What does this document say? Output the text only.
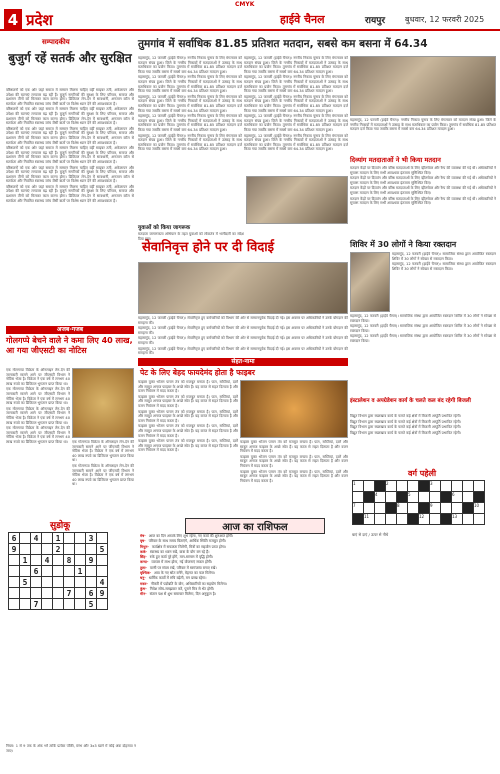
CMYK
4 प्रदेश	हाईवे चैनल	रायपुर बुधवार, 12 फरवरी 2025
सम्पादकीय
बुजुर्ग रहें सतर्क और सुरक्षित

वरिष्ठजनों को एक ओर जहां समाज में सम्मान मिलना चाहिए वहीं साइबर ठगी, अकेलापन और उपेक्षा की घटनाएं लगातार बढ़ रही हैं। बुजुर्ग नागरिकों की सुरक्षा के लिए परिवार, समाज और प्रशासन तीनों को मिलकर काम करना होगा। डिजिटल लेन-देन में सावधानी, अनजान कॉल से सतर्कता और नियमित स्वास्थ्य जांच जैसी बातों पर विशेष ध्यान देने की आवश्यकता है।

वरिष्ठजनों को एक ओर जहां समाज में सम्मान मिलना चाहिए वहीं साइबर ठगी, अकेलापन और उपेक्षा की घटनाएं लगातार बढ़ रही हैं। बुजुर्ग नागरिकों की सुरक्षा के लिए परिवार, समाज और प्रशासन तीनों को मिलकर काम करना होगा। डिजिटल लेन-देन में सावधानी, अनजान कॉल से सतर्कता और नियमित स्वास्थ्य जांच जैसी बातों पर विशेष ध्यान देने की आवश्यकता है।

वरिष्ठजनों को एक ओर जहां समाज में सम्मान मिलना चाहिए वहीं साइबर ठगी, अकेलापन और उपेक्षा की घटनाएं लगातार बढ़ रही हैं। बुजुर्ग नागरिकों की सुरक्षा के लिए परिवार, समाज और प्रशासन तीनों को मिलकर काम करना होगा। डिजिटल लेन-देन में सावधानी, अनजान कॉल से सतर्कता और नियमित स्वास्थ्य जांच जैसी बातों पर विशेष ध्यान देने की आवश्यकता है।

वरिष्ठजनों को एक ओर जहां समाज में सम्मान मिलना चाहिए वहीं साइबर ठगी, अकेलापन और उपेक्षा की घटनाएं लगातार बढ़ रही हैं। बुजुर्ग नागरिकों की सुरक्षा के लिए परिवार, समाज और प्रशासन तीनों को मिलकर काम करना होगा। डिजिटल लेन-देन में सावधानी, अनजान कॉल से सतर्कता और नियमित स्वास्थ्य जांच जैसी बातों पर विशेष ध्यान देने की आवश्यकता है।

वरिष्ठजनों को एक ओर जहां समाज में सम्मान मिलना चाहिए वहीं साइबर ठगी, अकेलापन और उपेक्षा की घटनाएं लगातार बढ़ रही हैं। बुजुर्ग नागरिकों की सुरक्षा के लिए परिवार, समाज और प्रशासन तीनों को मिलकर काम करना होगा। डिजिटल लेन-देन में सावधानी, अनजान कॉल से सतर्कता और नियमित स्वास्थ्य जांच जैसी बातों पर विशेष ध्यान देने की आवश्यकता है।

वरिष्ठजनों को एक ओर जहां समाज में सम्मान मिलना चाहिए वहीं साइबर ठगी, अकेलापन और उपेक्षा की घटनाएं लगातार बढ़ रही हैं। बुजुर्ग नागरिकों की सुरक्षा के लिए परिवार, समाज और प्रशासन तीनों को मिलकर काम करना होगा। डिजिटल लेन-देन में सावधानी, अनजान कॉल से सतर्कता और नियमित स्वास्थ्य जांच जैसी बातों पर विशेष ध्यान देने की आवश्यकता है।

तुमगांव में सर्वाधिक 81.85 प्रतिशत मतदान, सबसे कम बसना में 64.34

महासमुंद, 12 फरवरी (हाईवे चैनल)। नगरीय निकाय चुनाव के लिए मंगलवार को मतदान संपन्न हुआ। जिले के नगरीय निकायों में मतदाताओं ने उत्साह के साथ मताधिकार का प्रयोग किया। तुमगांव में सर्वाधिक 81.85 प्रतिशत मतदान दर्ज किया गया जबकि बसना में सबसे कम 64.34 प्रतिशत मतदान हुआ।

महासमुंद, 12 फरवरी (हाईवे चैनल)। नगरीय निकाय चुनाव के लिए मंगलवार को मतदान संपन्न हुआ। जिले के नगरीय निकायों में मतदाताओं ने उत्साह के साथ मताधिकार का प्रयोग किया। तुमगांव में सर्वाधिक 81.85 प्रतिशत मतदान दर्ज किया गया जबकि बसना में सबसे कम 64.34 प्रतिशत मतदान हुआ।

महासमुंद, 12 फरवरी (हाईवे चैनल)। नगरीय निकाय चुनाव के लिए मंगलवार को मतदान संपन्न हुआ। जिले के नगरीय निकायों में मतदाताओं ने उत्साह के साथ मताधिकार का प्रयोग किया। तुमगांव में सर्वाधिक 81.85 प्रतिशत मतदान दर्ज किया गया जबकि बसना में सबसे कम 64.34 प्रतिशत मतदान हुआ।

महासमुंद, 12 फरवरी (हाईवे चैनल)। नगरीय निकाय चुनाव के लिए मंगलवार को मतदान संपन्न हुआ। जिले के नगरीय निकायों में मतदाताओं ने उत्साह के साथ मताधिकार का प्रयोग किया। तुमगांव में सर्वाधिक 81.85 प्रतिशत मतदान दर्ज किया गया जबकि बसना में सबसे कम 64.34 प्रतिशत मतदान हुआ।

महासमुंद, 12 फरवरी (हाईवे चैनल)। नगरीय निकाय चुनाव के लिए मंगलवार को मतदान संपन्न हुआ। जिले के नगरीय निकायों में मतदाताओं ने उत्साह के साथ मताधिकार का प्रयोग किया। तुमगांव में सर्वाधिक 81.85 प्रतिशत मतदान दर्ज किया गया जबकि बसना में सबसे कम 64.34 प्रतिशत मतदान हुआ।

महासमुंद, 12 फरवरी (हाईवे चैनल)। नगरीय निकाय चुनाव के लिए मंगलवार को मतदान संपन्न हुआ। जिले के नगरीय निकायों में मतदाताओं ने उत्साह के साथ मताधिकार का प्रयोग किया। तुमगांव में सर्वाधिक 81.85 प्रतिशत मतदान दर्ज किया गया जबकि बसना में सबसे कम 64.34 प्रतिशत मतदान हुआ।

महासमुंद, 12 फरवरी (हाईवे चैनल)। नगरीय निकाय चुनाव के लिए मंगलवार को मतदान संपन्न हुआ। जिले के नगरीय निकायों में मतदाताओं ने उत्साह के साथ मताधिकार का प्रयोग किया। तुमगांव में सर्वाधिक 81.85 प्रतिशत मतदान दर्ज किया गया जबकि बसना में सबसे कम 64.34 प्रतिशत मतदान हुआ।

महासमुंद, 12 फरवरी (हाईवे चैनल)। नगरीय निकाय चुनाव के लिए मंगलवार को मतदान संपन्न हुआ। जिले के नगरीय निकायों में मतदाताओं ने उत्साह के साथ मताधिकार का प्रयोग किया। तुमगांव में सर्वाधिक 81.85 प्रतिशत मतदान दर्ज किया गया जबकि बसना में सबसे कम 64.34 प्रतिशत मतदान हुआ।

महासमुंद, 12 फरवरी (हाईवे चैनल)। नगरीय निकाय चुनाव के लिए मंगलवार को मतदान संपन्न हुआ। जिले के नगरीय निकायों में मतदाताओं ने उत्साह के साथ मताधिकार का प्रयोग किया। तुमगांव में सर्वाधिक 81.85 प्रतिशत मतदान दर्ज किया गया जबकि बसना में सबसे कम 64.34 प्रतिशत मतदान हुआ।

महासमुंद, 12 फरवरी (हाईवे चैनल)। नगरीय निकाय चुनाव के लिए मंगलवार को मतदान संपन्न हुआ। जिले के नगरीय निकायों में मतदाताओं ने उत्साह के साथ मताधिकार का प्रयोग किया। तुमगांव में सर्वाधिक 81.85 प्रतिशत मतदान दर्ज किया गया जबकि बसना में सबसे कम 64.34 प्रतिशत मतदान हुआ।

महासमुंद, 12 फरवरी (हाईवे चैनल)। नगरीय निकाय चुनाव के लिए मंगलवार को मतदान संपन्न हुआ। जिले के नगरीय निकायों में मतदाताओं ने उत्साह के साथ मताधिकार का प्रयोग किया। तुमगांव में सर्वाधिक 81.85 प्रतिशत मतदान दर्ज किया गया जबकि बसना में सबसे कम 64.34 प्रतिशत मतदान हुआ।

दिव्यांग मतदाताओं ने भी किया मतदान

मतदान केंद्रों पर दिव्यांग और वरिष्ठ मतदाताओं के लिए व्हीलचेयर और रैम्प की व्यवस्था की गई थी। अधिकारियों ने सुचारू मतदान के लिए सभी आवश्यक इंतजाम सुनिश्चित किए।

मतदान केंद्रों पर दिव्यांग और वरिष्ठ मतदाताओं के लिए व्हीलचेयर और रैम्प की व्यवस्था की गई थी। अधिकारियों ने सुचारू मतदान के लिए सभी आवश्यक इंतजाम सुनिश्चित किए।

मतदान केंद्रों पर दिव्यांग और वरिष्ठ मतदाताओं के लिए व्हीलचेयर और रैम्प की व्यवस्था की गई थी। अधिकारियों ने सुचारू मतदान के लिए सभी आवश्यक इंतजाम सुनिश्चित किए।

मतदान केंद्रों पर दिव्यांग और वरिष्ठ मतदाताओं के लिए व्हीलचेयर और रैम्प की व्यवस्था की गई थी। अधिकारियों ने सुचारू मतदान के लिए सभी आवश्यक इंतजाम सुनिश्चित किए।

सेवानिवृत्त होने पर दी विदाई

महासमुंद, 12 फरवरी (हाईवे चैनल)। सेवानिवृत्त हुए कर्मचारियों को विभाग की ओर से सम्मानपूर्वक विदाई दी गई। इस अवसर पर अधिकारियों ने उनके योगदान की सराहना की।

महासमुंद, 12 फरवरी (हाईवे चैनल)। सेवानिवृत्त हुए कर्मचारियों को विभाग की ओर से सम्मानपूर्वक विदाई दी गई। इस अवसर पर अधिकारियों ने उनके योगदान की सराहना की।

महासमुंद, 12 फरवरी (हाईवे चैनल)। सेवानिवृत्त हुए कर्मचारियों को विभाग की ओर से सम्मानपूर्वक विदाई दी गई। इस अवसर पर अधिकारियों ने उनके योगदान की सराहना की।

महासमुंद, 12 फरवरी (हाईवे चैनल)। सेवानिवृत्त हुए कर्मचारियों को विभाग की ओर से सम्मानपूर्वक विदाई दी गई। इस अवसर पर अधिकारियों ने उनके योगदान की सराहना की।

युवाओं को किया जागरूक
मतदाता जागरूकता अभियान के तहत युवाओं को लोकतंत्र में भागीदारी का संदेश दिया गया।
शिविर में 30 लोगों ने किया रक्तदान

महासमुंद, 12 फरवरी (हाईवे चैनल)। सामाजिक संस्था द्वारा आयोजित रक्तदान शिविर में 30 लोगों ने स्वेच्छा से रक्तदान किया।

महासमुंद, 12 फरवरी (हाईवे चैनल)। सामाजिक संस्था द्वारा आयोजित रक्तदान शिविर में 30 लोगों ने स्वेच्छा से रक्तदान किया।

महासमुंद, 12 फरवरी (हाईवे चैनल)। सामाजिक संस्था द्वारा आयोजित रक्तदान शिविर में 30 लोगों ने स्वेच्छा से रक्तदान किया।

महासमुंद, 12 फरवरी (हाईवे चैनल)। सामाजिक संस्था द्वारा आयोजित रक्तदान शिविर में 30 लोगों ने स्वेच्छा से रक्तदान किया।

महासमुंद, 12 फरवरी (हाईवे चैनल)। सामाजिक संस्था द्वारा आयोजित रक्तदान शिविर में 30 लोगों ने स्वेच्छा से रक्तदान किया।

इंस्टालेशन व अपग्रेडेशन कार्य के चलते कल बंद रहेगी बिजली

विद्युत विभाग द्वारा रखरखाव कार्य के चलते कई क्षेत्रों में बिजली आपूर्ति प्रभावित रहेगी।

विद्युत विभाग द्वारा रखरखाव कार्य के चलते कई क्षेत्रों में बिजली आपूर्ति प्रभावित रहेगी।

विद्युत विभाग द्वारा रखरखाव कार्य के चलते कई क्षेत्रों में बिजली आपूर्ति प्रभावित रहेगी।

विद्युत विभाग द्वारा रखरखाव कार्य के चलते कई क्षेत्रों में बिजली आपूर्ति प्रभावित रहेगी।

अजब-गजब
गोलगप्पे बेचने वाले ने कमा लिए 40 लाख, आ गया जीएसटी का नोटिस

एक गोलगप्पा विक्रेता के ऑनलाइन लेन-देन की जानकारी सामने आने पर जीएसटी विभाग ने नोटिस भेजा है। विक्रेता ने एक वर्ष में लगभग 40 लाख रुपये का डिजिटल भुगतान प्राप्त किया था।

एक गोलगप्पा विक्रेता के ऑनलाइन लेन-देन की जानकारी सामने आने पर जीएसटी विभाग ने नोटिस भेजा है। विक्रेता ने एक वर्ष में लगभग 40 लाख रुपये का डिजिटल भुगतान प्राप्त किया था।

एक गोलगप्पा विक्रेता के ऑनलाइन लेन-देन की जानकारी सामने आने पर जीएसटी विभाग ने नोटिस भेजा है। विक्रेता ने एक वर्ष में लगभग 40 लाख रुपये का डिजिटल भुगतान प्राप्त किया था।

एक गोलगप्पा विक्रेता के ऑनलाइन लेन-देन की जानकारी सामने आने पर जीएसटी विभाग ने नोटिस भेजा है। विक्रेता ने एक वर्ष में लगभग 40 लाख रुपये का डिजिटल भुगतान प्राप्त किया था।	एक गोलगप्पा विक्रेता के ऑनलाइन लेन-देन की जानकारी सामने आने पर जीएसटी विभाग ने नोटिस भेजा है। विक्रेता ने एक वर्ष में लगभग 40 लाख रुपये का डिजिटल भुगतान प्राप्त किया था।

एक गोलगप्पा विक्रेता के ऑनलाइन लेन-देन की जानकारी सामने आने पर जीएसटी विभाग ने नोटिस भेजा है। विक्रेता ने एक वर्ष में लगभग 40 लाख रुपये का डिजिटल भुगतान प्राप्त किया था।

सेहत-नामा
पेट के लिए बेहद फायदेमंद होता है फाइबर

फाइबर युक्त भोजन पाचन तंत्र को मजबूत बनाता है। फल, सब्जियां, दालें और साबुत अनाज फाइबर के अच्छे स्रोत हैं। यह कब्ज से राहत दिलाता है और वजन नियंत्रण में मदद करता है।

फाइबर युक्त भोजन पाचन तंत्र को मजबूत बनाता है। फल, सब्जियां, दालें और साबुत अनाज फाइबर के अच्छे स्रोत हैं। यह कब्ज से राहत दिलाता है और वजन नियंत्रण में मदद करता है।

फाइबर युक्त भोजन पाचन तंत्र को मजबूत बनाता है। फल, सब्जियां, दालें और साबुत अनाज फाइबर के अच्छे स्रोत हैं। यह कब्ज से राहत दिलाता है और वजन नियंत्रण में मदद करता है।

फाइबर युक्त भोजन पाचन तंत्र को मजबूत बनाता है। फल, सब्जियां, दालें और साबुत अनाज फाइबर के अच्छे स्रोत हैं। यह कब्ज से राहत दिलाता है और वजन नियंत्रण में मदद करता है।

फाइबर युक्त भोजन पाचन तंत्र को मजबूत बनाता है। फल, सब्जियां, दालें और साबुत अनाज फाइबर के अच्छे स्रोत हैं। यह कब्ज से राहत दिलाता है और वजन नियंत्रण में मदद करता है।

फाइबर युक्त भोजन पाचन तंत्र को मजबूत बनाता है। फल, सब्जियां, दालें और साबुत अनाज फाइबर के अच्छे स्रोत हैं। यह कब्ज से राहत दिलाता है और वजन नियंत्रण में मदद करता है।

फाइबर युक्त भोजन पाचन तंत्र को मजबूत बनाता है। फल, सब्जियां, दालें और साबुत अनाज फाइबर के अच्छे स्रोत हैं। यह कब्ज से राहत दिलाता है और वजन नियंत्रण में मदद करता है।

फाइबर युक्त भोजन पाचन तंत्र को मजबूत बनाता है। फल, सब्जियां, दालें और साबुत अनाज फाइबर के अच्छे स्रोत हैं। यह कब्ज से राहत दिलाता है और वजन नियंत्रण में मदद करता है।

वर्ग पहेली
1			2				3				
		4			5				6		
7				8			9				10
	11					12			13		
सुडोकू
6		4		1			3	
9				2				5
	1		4		8		9	
		6				1		
	5							4
					7		6	9
		7					5	
नियम: 1 से 9 तक के अंक भरें ताकि प्रत्येक पंक्ति, स्तंभ और 3x3 खाने में कोई अंक दोहराया न जाए।
आज का राशिफल
मेष- आज का दिन आपके लिए शुभ रहेगा, नए कार्य की शुरुआत होगी।
वृष- परिवार के साथ समय बिताएंगे, आर्थिक स्थिति मजबूत होगी।
मिथुन- कार्यक्षेत्र में सफलता मिलेगी, मित्रों का सहयोग प्राप्त होगा।
कर्क- स्वास्थ्य का ध्यान रखें, यात्रा के योग बन रहे हैं।
सिंह- रुके हुए कार्य पूरे होंगे, मान-सम्मान में वृद्धि होगी।
कन्या- व्यापार में लाभ होगा, नई योजनाएं सफल होंगी।
तुला- वाणी पर संयम रखें, परिवार में सामंजस्य बनाए रखें।
वृश्चिक- आय के नए स्रोत बनेंगे, मेहनत का फल मिलेगा।
धनु- धार्मिक कार्यों में रुचि बढ़ेगी, मन प्रसन्न रहेगा।
मकर- नौकरी में पदोन्नति के योग, अधिकारियों का सहयोग मिलेगा।
कुंभ- निवेश सोच-समझकर करें, पुराने मित्र से भेंट होगी।
मीन- संतान पक्ष से शुभ समाचार मिलेगा, दिन अनुकूल है।

बाएं से दाएं / ऊपर से नीचे
